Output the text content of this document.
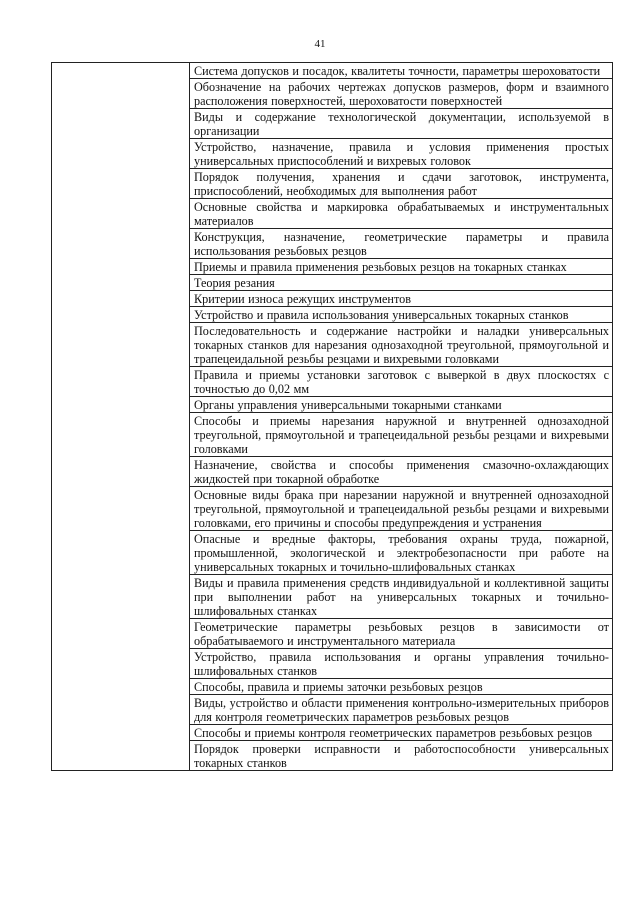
41
	Система допусков и посадок, квалитеты точности, параметры шероховатости
Обозначение на рабочих чертежах допусков размеров, форм и взаимного расположения поверхностей, шероховатости поверхностей
Виды и содержание технологической документации, используемой в организации
Устройство, назначение, правила и условия применения простых универсальных приспособлений и вихревых головок
Порядок получения, хранения и сдачи заготовок, инструмента, приспособлений, необходимых для выполнения работ
Основные свойства и маркировка обрабатываемых и инструментальных материалов
Конструкция, назначение, геометрические параметры и правила использования резьбовых резцов
Приемы и правила применения резьбовых резцов на токарных станках
Теория резания
Критерии износа режущих инструментов
Устройство и правила использования универсальных токарных станков
Последовательность и содержание настройки и наладки универсальных токарных станков для нарезания однозаходной треугольной, прямоугольной и трапецеидальной резьбы резцами и вихревыми головками
Правила и приемы установки заготовок с выверкой в двух плоскостях с точностью до 0,02 мм
Органы управления универсальными токарными станками
Способы и приемы нарезания наружной и внутренней однозаходной треугольной, прямоугольной и трапецеидальной резьбы резцами и вихревыми головками
Назначение, свойства и способы применения смазочно-охлаждающих жидкостей при токарной обработке
Основные виды брака при нарезании наружной и внутренней однозаходной треугольной, прямоугольной и трапецеидальной резьбы резцами и вихревыми головками, его причины и способы предупреждения и устранения
Опасные и вредные факторы, требования охраны труда, пожарной, промышленной, экологической и электробезопасности при работе на универсальных токарных и точильно-шлифовальных станках
Виды и правила применения средств индивидуальной и коллективной защиты при выполнении работ на универсальных токарных и точильно-шлифовальных станках
Геометрические параметры резьбовых резцов в зависимости от обрабатываемого и инструментального материала
Устройство, правила использования и органы управления точильно-шлифовальных станков
Способы, правила и приемы заточки резьбовых резцов
Виды, устройство и области применения контрольно-измерительных приборов для контроля геометрических параметров резьбовых резцов
Способы и приемы контроля геометрических параметров резьбовых резцов
Порядок проверки исправности и работоспособности универсальных токарных станков
